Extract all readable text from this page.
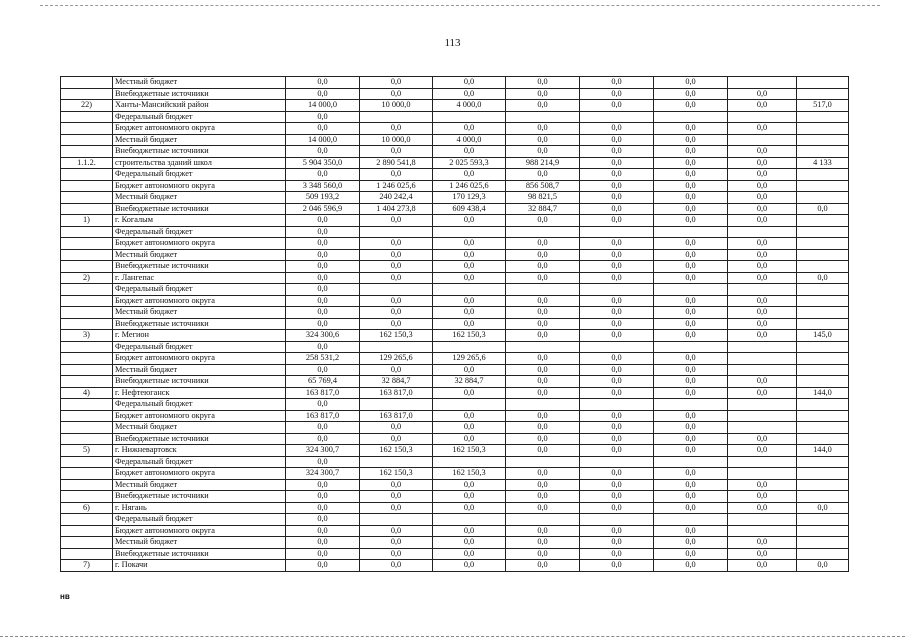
113
	Местный бюджет	0,0	0,0	0,0	0,0	0,0	0,0		
	Внебюджетные источники	0,0	0,0	0,0	0,0	0,0	0,0	0,0	
22)	Ханты-Мансийский район	14 000,0	10 000,0	4 000,0	0,0	0,0	0,0	0,0	517,0
	Федеральный бюджет	0,0							
	Бюджет автономного округа	0,0	0,0	0,0	0,0	0,0	0,0	0,0	
	Местный бюджет	14 000,0	10 000,0	4 000,0	0,0	0,0	0,0		
	Внебюджетные источники	0,0	0,0	0,0	0,0	0,0	0,0	0,0	
1.1.2.	строительства зданий школ	5 904 350,0	2 890 541,8	2 025 593,3	988 214,9	0,0	0,0	0,0	4 133
	Федеральный бюджет	0,0	0,0	0,0	0,0	0,0	0,0	0,0	
	Бюджет автономного округа	3 348 560,0	1 246 025,6	1 246 025,6	856 508,7	0,0	0,0	0,0	
	Местный бюджет	509 193,2	240 242,4	170 129,3	98 821,5	0,0	0,0	0,0	
	Внебюджетные источники	2 046 596,9	1 404 273,8	609 438,4	32 884,7	0,0	0,0	0,0	0,0
1)	г. Когалым	0,0	0,0	0,0	0,0	0,0	0,0	0,0	
	Федеральный бюджет	0,0							
	Бюджет автономного округа	0,0	0,0	0,0	0,0	0,0	0,0	0,0	
	Местный бюджет	0,0	0,0	0,0	0,0	0,0	0,0	0,0	
	Внебюджетные источники	0,0	0,0	0,0	0,0	0,0	0,0	0,0	
2)	г. Лангепас	0,0	0,0	0,0	0,0	0,0	0,0	0,0	0,0
	Федеральный бюджет	0,0							
	Бюджет автономного округа	0,0	0,0	0,0	0,0	0,0	0,0	0,0	
	Местный бюджет	0,0	0,0	0,0	0,0	0,0	0,0	0,0	
	Внебюджетные источники	0,0	0,0	0,0	0,0	0,0	0,0	0,0	
3)	г. Мегион	324 300,6	162 150,3	162 150,3	0,0	0,0	0,0	0,0	145,0
	Федеральный бюджет	0,0							
	Бюджет автономного округа	258 531,2	129 265,6	129 265,6	0,0	0,0	0,0		
	Местный бюджет	0,0	0,0	0,0	0,0	0,0	0,0		
	Внебюджетные источники	65 769,4	32 884,7	32 884,7	0,0	0,0	0,0	0,0	
4)	г. Нефтеюганск	163 817,0	163 817,0	0,0	0,0	0,0	0,0	0,0	144,0
	Федеральный бюджет	0,0							
	Бюджет автономного округа	163 817,0	163 817,0	0,0	0,0	0,0	0,0		
	Местный бюджет	0,0	0,0	0,0	0,0	0,0	0,0		
	Внебюджетные источники	0,0	0,0	0,0	0,0	0,0	0,0	0,0	
5)	г. Нижневартовск	324 300,7	162 150,3	162 150,3	0,0	0,0	0,0	0,0	144,0
	Федеральный бюджет	0,0							
	Бюджет автономного округа	324 300,7	162 150,3	162 150,3	0,0	0,0	0,0		
	Местный бюджет	0,0	0,0	0,0	0,0	0,0	0,0	0,0	
	Внебюджетные источники	0,0	0,0	0,0	0,0	0,0	0,0	0,0	
6)	г. Нягань	0,0	0,0	0,0	0,0	0,0	0,0	0,0	0,0
	Федеральный бюджет	0,0							
	Бюджет автономного округа	0,0	0,0	0,0	0,0	0,0	0,0		
	Местный бюджет	0,0	0,0	0,0	0,0	0,0	0,0	0,0	
	Внебюджетные источники	0,0	0,0	0,0	0,0	0,0	0,0	0,0	
7)	г. Покачи	0,0	0,0	0,0	0,0	0,0	0,0	0,0	0,0
нв
